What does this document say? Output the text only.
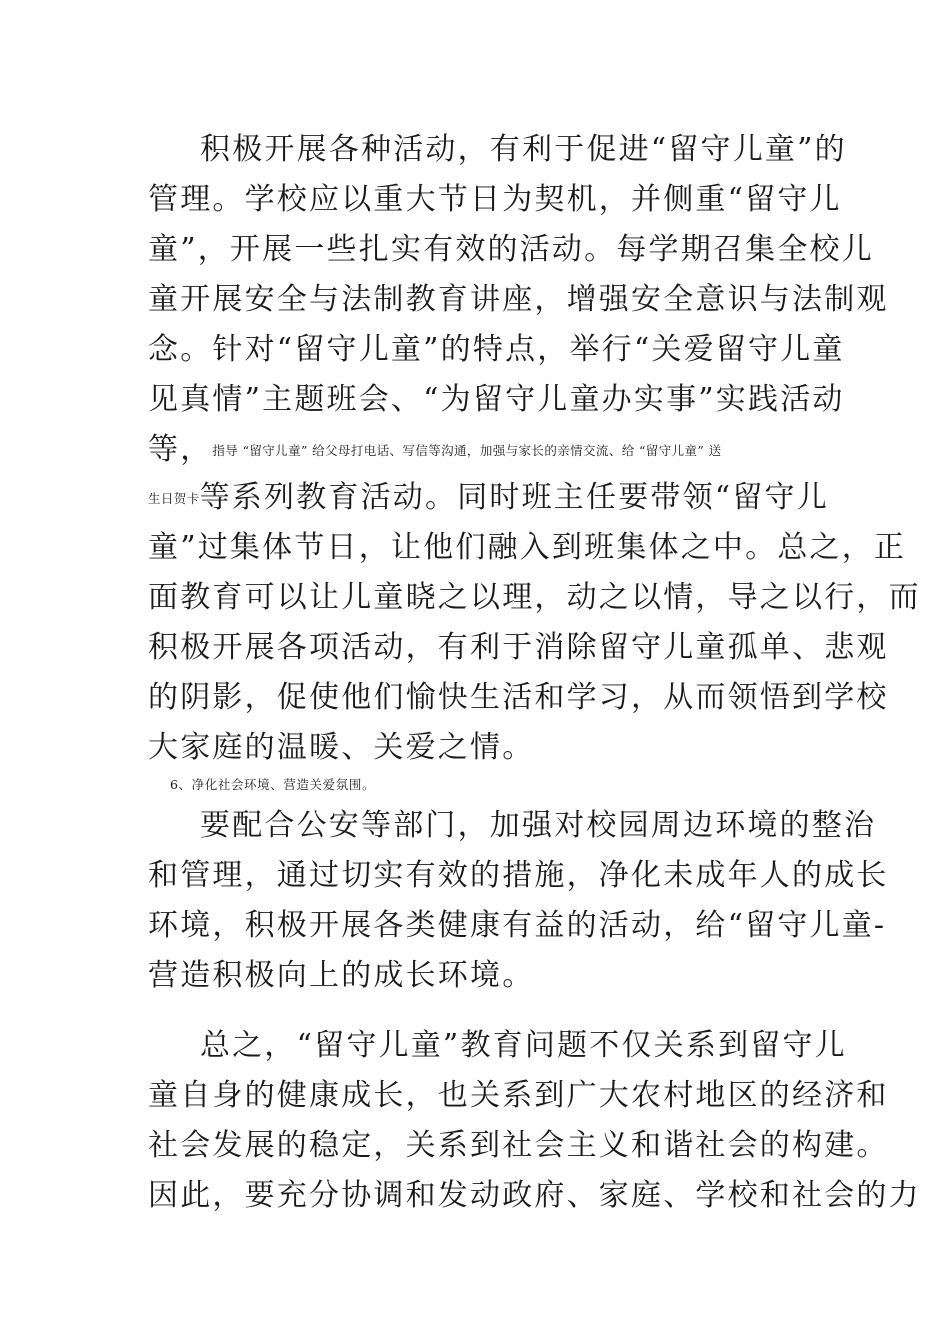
积极开展各种活动，有利于促进“留守儿童”的
管理。学校应以重大节日为契机，并侧重“留守儿
童”，开展一些扎实有效的活动。每学期召集全校儿
童开展安全与法制教育讲座，增强安全意识与法制观
念。针对“留守儿童”的特点，举行“关爱留守儿童
见真情”主题班会、“为留守儿童办实事”实践活动
等，指导 “留守儿童” 给父母打电话、写信等沟通，加强与家长的亲情交流、给 “留守儿童” 送
生日贺卡等系列教育活动。同时班主任要带领“留守儿
童”过集体节日，让他们融入到班集体之中。总之，正
面教育可以让儿童晓之以理，动之以情，导之以行，而
积极开展各项活动，有利于消除留守儿童孤单、悲观
的阴影，促使他们愉快生活和学习，从而领悟到学校
大家庭的温暖、关爱之情。
6、净化社会环境、营造关爱氛围。
要配合公安等部门，加强对校园周边环境的整治
和管理，通过切实有效的措施，净化未成年人的成长
环境，积极开展各类健康有益的活动，给“留守儿童-
营造积极向上的成长环境。
总之，“留守儿童”教育问题不仅关系到留守儿
童自身的健康成长，也关系到广大农村地区的经济和
社会发展的稳定，关系到社会主义和谐社会的构建。
因此，要充分协调和发动政府、家庭、学校和社会的力
